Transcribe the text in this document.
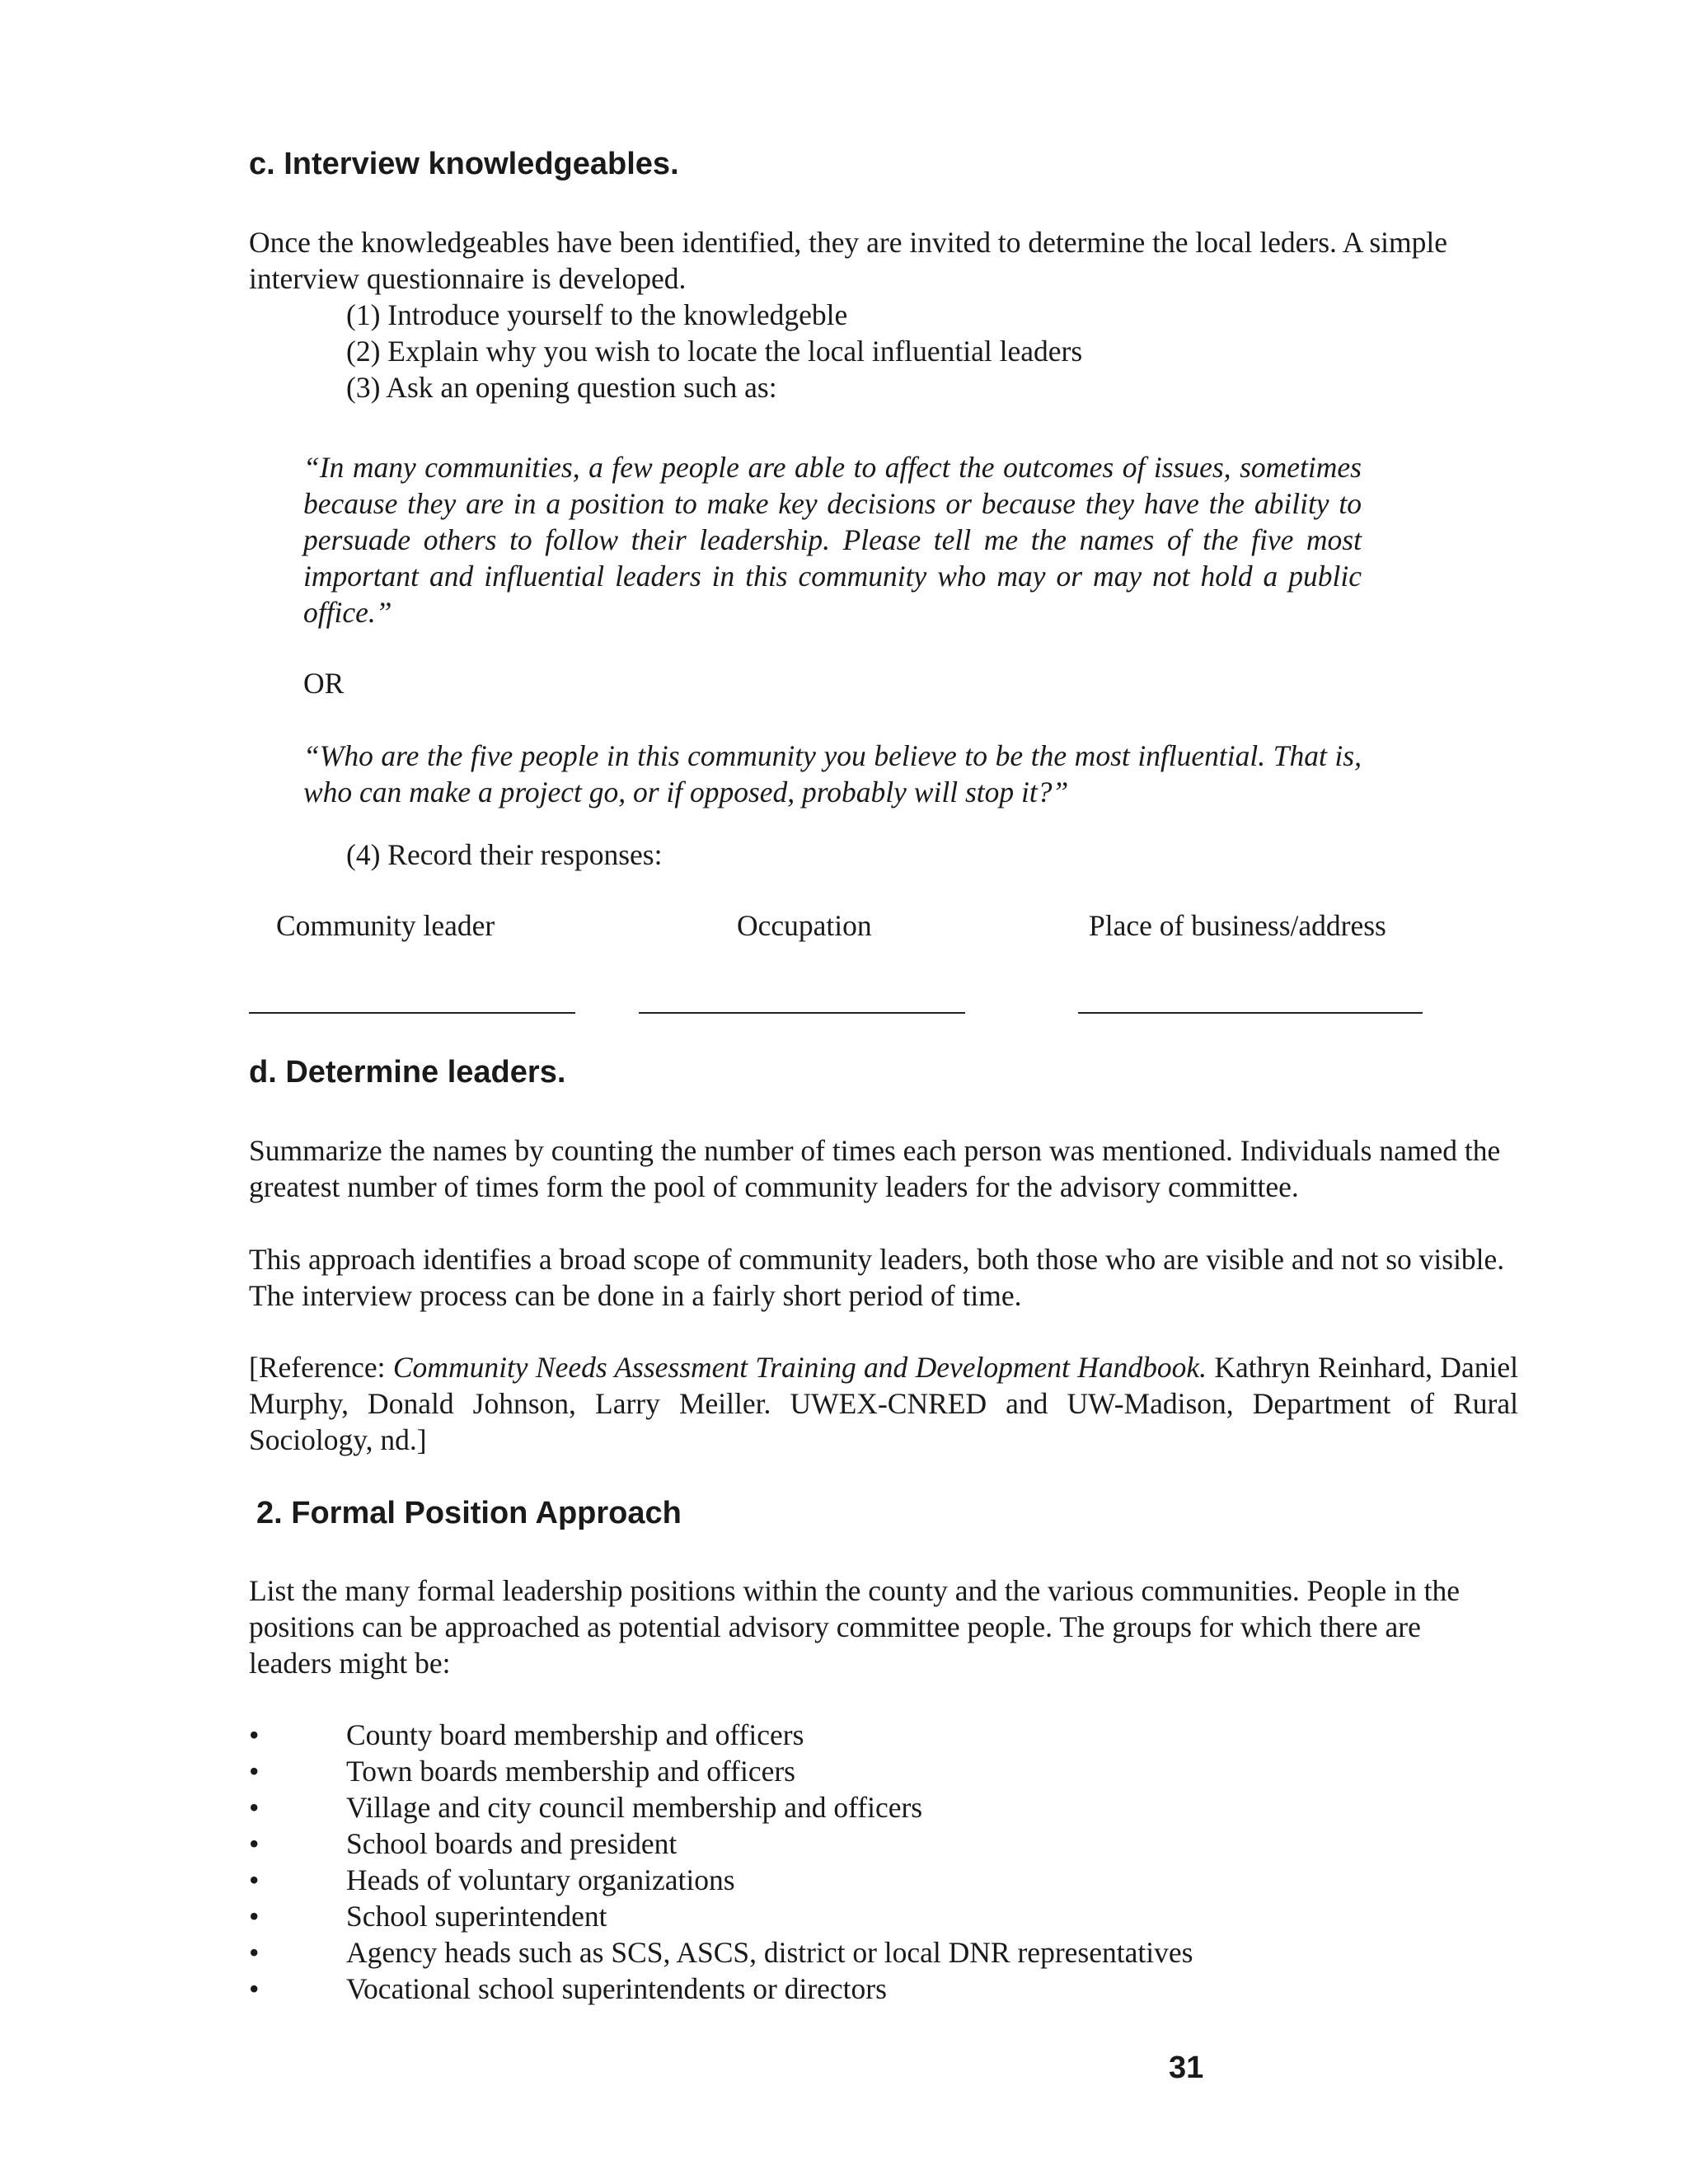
c. Interview knowledgeables.

Once the knowledgeables have been identified, they are invited to determine the local leders. A simple interview questionnaire is developed.

(1) Introduce yourself to the knowledgeble
(2) Explain why you wish to locate the local influential leaders
(3) Ask an opening question such as:

“In many communities, a few people are able to affect the outcomes of issues, sometimes because they are in a position to make key decisions or because they have the ability to persuade others to follow their leadership. Please tell me the names of the five most important and influential leaders in this community who may or may not hold a public office.”

OR

“Who are the five people in this community you believe to be the most influential. That is, who can make a project go, or if opposed, probably will stop it?”

(4) Record their responses:
Community leader	Occupation	Place of business/address
d. Determine leaders.

Summarize the names by counting the number of times each person was mentioned. Individuals named the greatest number of times form the pool of community leaders for the advisory committee.

This approach identifies a broad scope of community leaders, both those who are visible and not so visible. The interview process can be done in a fairly short period of time.

[Reference: Community Needs Assessment Training and Development Handbook. Kathryn Reinhard, Daniel Murphy, Donald Johnson, Larry Meiller. UWEX-CNRED and UW-Madison, Department of Rural Sociology, nd.]

2. Formal Position Approach

List the many formal leadership positions within the county and the various communities. People in the positions can be approached as potential advisory committee people. The groups for which there are leaders might be:

•	County board membership and officers
•	Town boards membership and officers
•	Village and city council membership and officers
•	School boards and president
•	Heads of voluntary organizations
•	School superintendent
•	Agency heads such as SCS, ASCS, district or local DNR representatives
•	Vocational school superintendents or directors
31
